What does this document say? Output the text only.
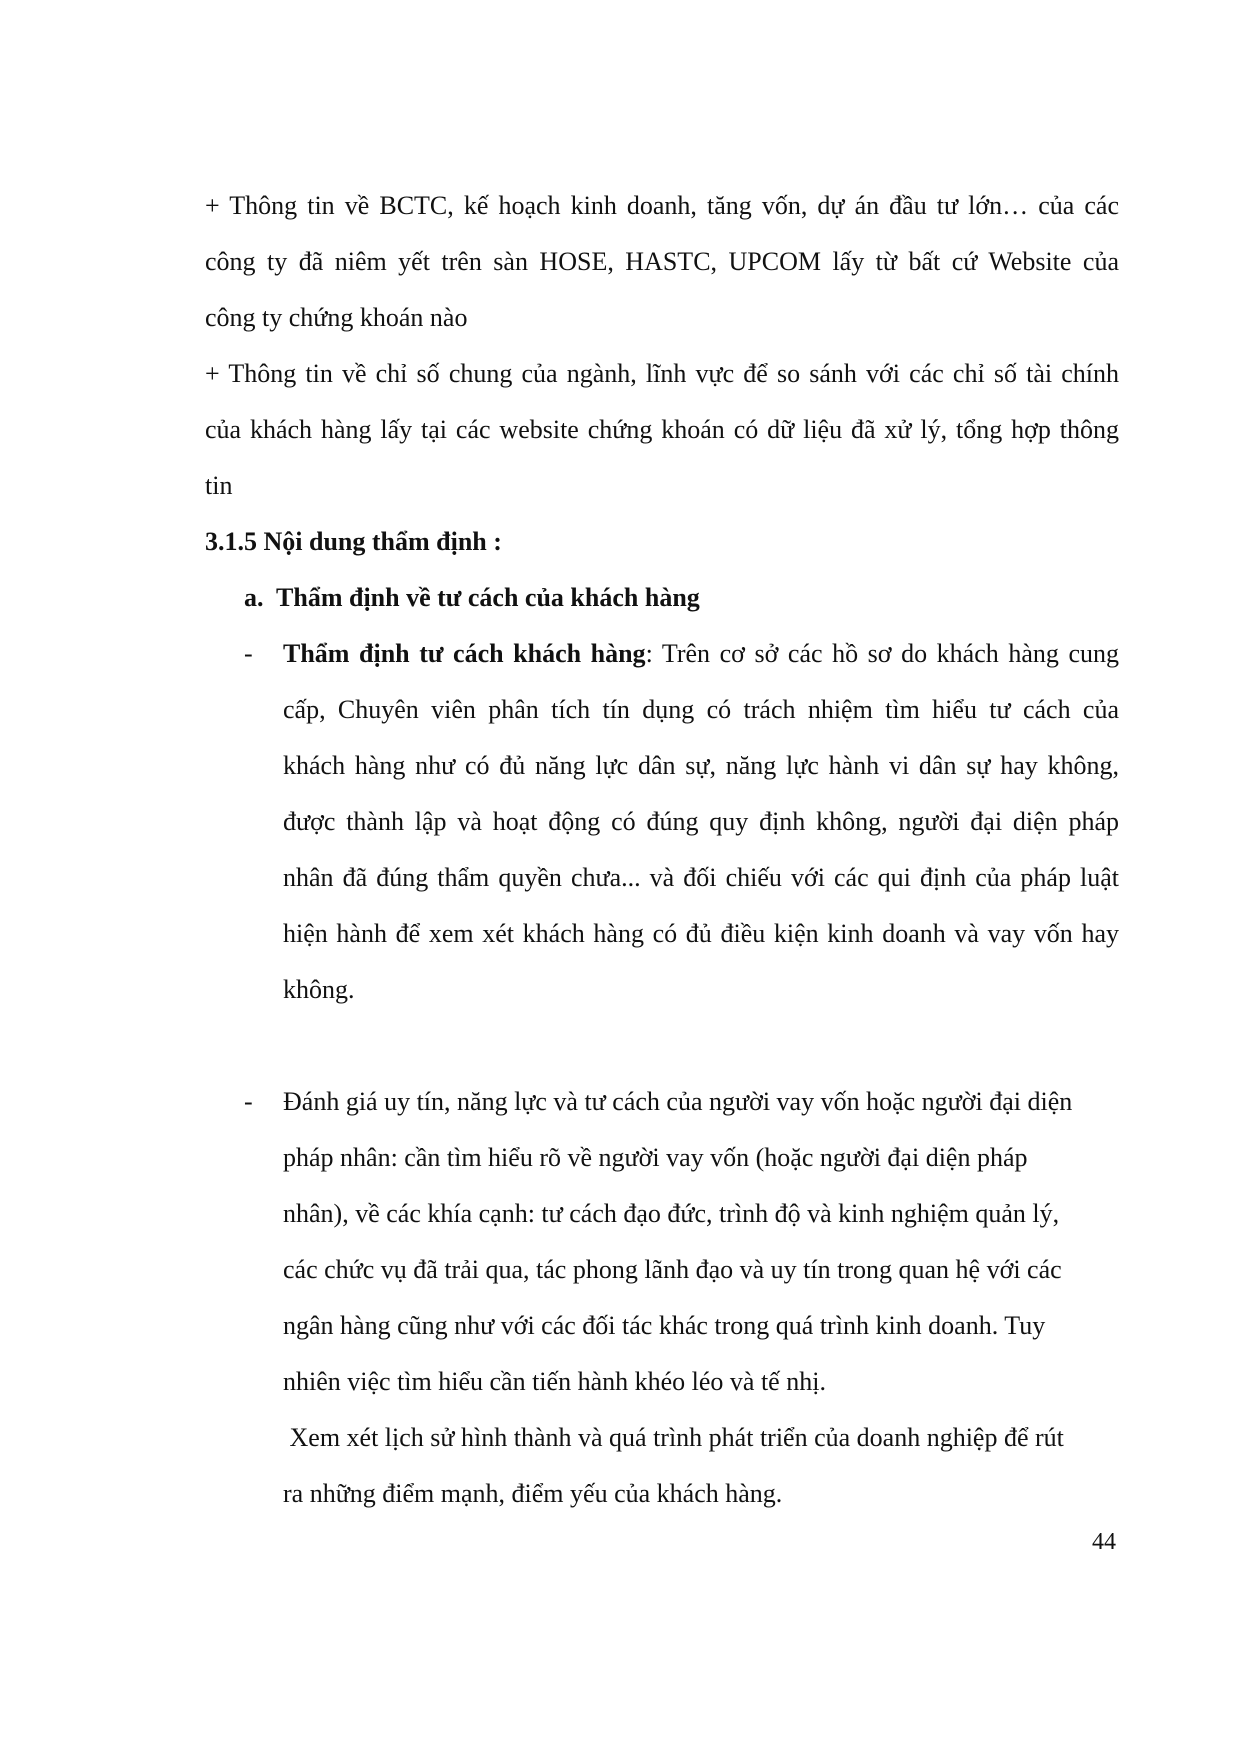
+ Thông tin về BCTC, kế hoạch kinh doanh, tăng vốn, dự án đầu tư lớn… của các
công ty đã niêm yết trên sàn HOSE, HASTC, UPCOM lấy từ bất cứ Website của
công ty chứng khoán nào
+ Thông tin về chỉ số chung của ngành, lĩnh vực để so sánh với các chỉ số tài chính
của khách hàng lấy tại các website chứng khoán có dữ liệu đã xử lý, tổng hợp thông
tin
3.1.5 Nội dung thẩm định :
a.  Thẩm định về tư cách của khách hàng
- Thẩm định tư cách khách hàng: Trên cơ sở các hồ sơ do khách hàng cung
cấp, Chuyên viên phân tích tín dụng có trách nhiệm tìm hiểu tư cách của
khách hàng như có đủ năng lực dân sự, năng lực hành vi dân sự hay không,
được thành lập và hoạt động có đúng quy định không, người đại diện pháp
nhân đã đúng thẩm quyền chưa... và đối chiếu với các qui định của pháp luật
hiện hành để xem xét khách hàng có đủ điều kiện kinh doanh và vay vốn hay
không.
- Đánh giá uy tín, năng lực và tư cách của người vay vốn hoặc người đại diện
pháp nhân: cần tìm hiểu rõ về người vay vốn (hoặc người đại diện pháp
nhân), về các khía cạnh: tư cách đạo đức, trình độ và kinh nghiệm quản lý,
các chức vụ đã trải qua, tác phong lãnh đạo và uy tín trong quan hệ với các
ngân hàng cũng như với các đối tác khác trong quá trình kinh doanh. Tuy
nhiên việc tìm hiểu cần tiến hành khéo léo và tế nhị.
Xem xét lịch sử hình thành và quá trình phát triển của doanh nghiệp để rút
ra những điểm mạnh, điểm yếu của khách hàng.
44
